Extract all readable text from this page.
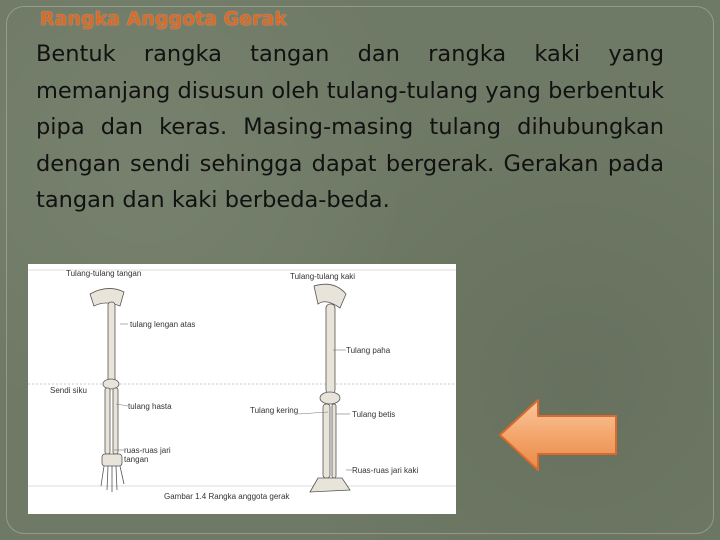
Rangka Anggota Gerak

Bentuk rangka tangan dan rangka kaki yang memanjang disusun oleh tulang-tulang yang berbentuk pipa dan keras. Masing-masing tulang dihubungkan dengan sendi sehingga dapat bergerak. Gerakan pada tangan dan kaki berbeda-beda.

Tulang-tulang tangan	Tulang-tulang kaki
tulang lengan atas
Tulang paha
Sendi siku
tulang hasta	Tulang kering	Tulang betis
ruas-ruas jari tangan
Ruas-ruas jari kaki
Gambar 1.4 Rangka anggota gerak
